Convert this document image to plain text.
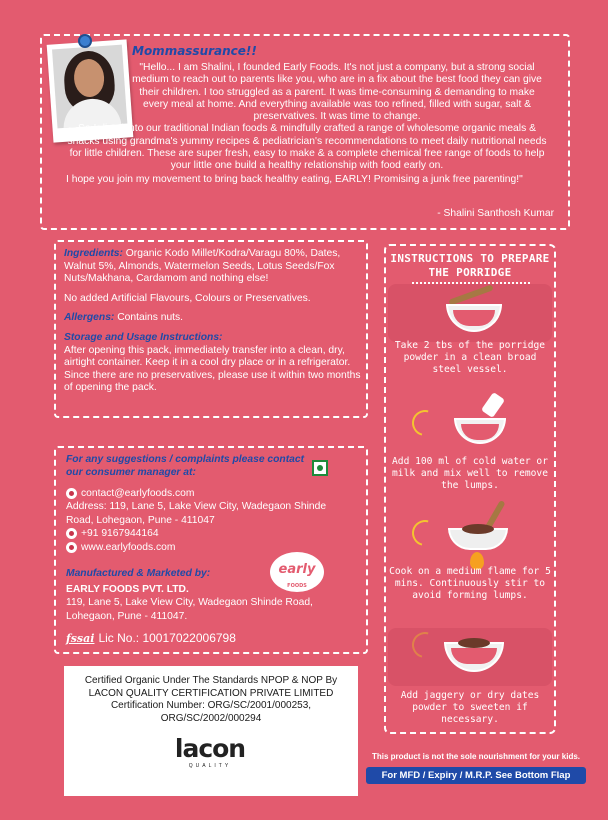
Mommassurance!!

"Hello... I am Shalini, I founded Early Foods. It's not just a company, but a strong social medium to reach out to parents like you, who are in a fix about the best food they can give their children. I too struggled as a parent. It was time-consuming & demanding to make every meal at home. And everything available was too refined, filled with sugar, salt & preservatives. It was time to change.

So I dived into our traditional Indian foods & mindfully crafted a range of wholesome organic meals & snacks using grandma's yummy recipes & pediatrician's recommendations to meet daily nutritional needs for little children. These are super fresh, easy to make & a complete chemical free range of foods to help your little one build a healthy relationship with food early on.

I hope you join my movement to bring back healthy eating, EARLY! Promising a junk free parenting!"

- Shalini Santhosh Kumar

Ingredients: Organic Kodo Millet/Kodra/Varagu 80%, Dates, Walnut 5%, Almonds, Watermelon Seeds, Lotus Seeds/Fox Nuts/Makhana, Cardamom and nothing else!

No added Artificial Flavours, Colours or Preservatives.

Allergens: Contains nuts.

Storage and Usage Instructions:

After opening this pack, immediately transfer into a clean, dry, airtight container. Keep it in a cool dry place or in a refrigerator. Since there are no preservatives, please use it within two months of opening the pack.

For any suggestions / complaints please contact our consumer manager at:
contact@earlyfoods.com
Address: 119, Lane 5, Lake View City, Wadegaon Shinde Road, Lohegaon, Pune - 411047
+91 9167944164
www.earlyfoods.com
Manufactured & Marketed by:
EARLY FOODS PVT. LTD.
119, Lane 5, Lake View City, Wadegaon Shinde Road, Lohegaon, Pune - 411047.
early
FOODS
fssai Lic No.: 10017022006798
Certified Organic Under The Standards NPOP & NOP By
LACON QUALITY CERTIFICATION PRIVATE LIMITED
Certification Number: ORG/SC/2001/000253,
ORG/SC/2002/000294
lacon
QUALITY
INSTRUCTIONS TO PREPARE THE PORRIDGE
Take 2 tbs of the porridge powder in a clean broad steel vessel.
Add 100 ml of cold water or milk and mix well to remove the lumps.
Cook on a medium flame for 5 mins. Continuously stir to avoid forming lumps.
Add jaggery or dry dates powder to sweeten if necessary.
This product is not the sole nourishment for your kids.
For MFD / Expiry / M.R.P. See Bottom Flap
